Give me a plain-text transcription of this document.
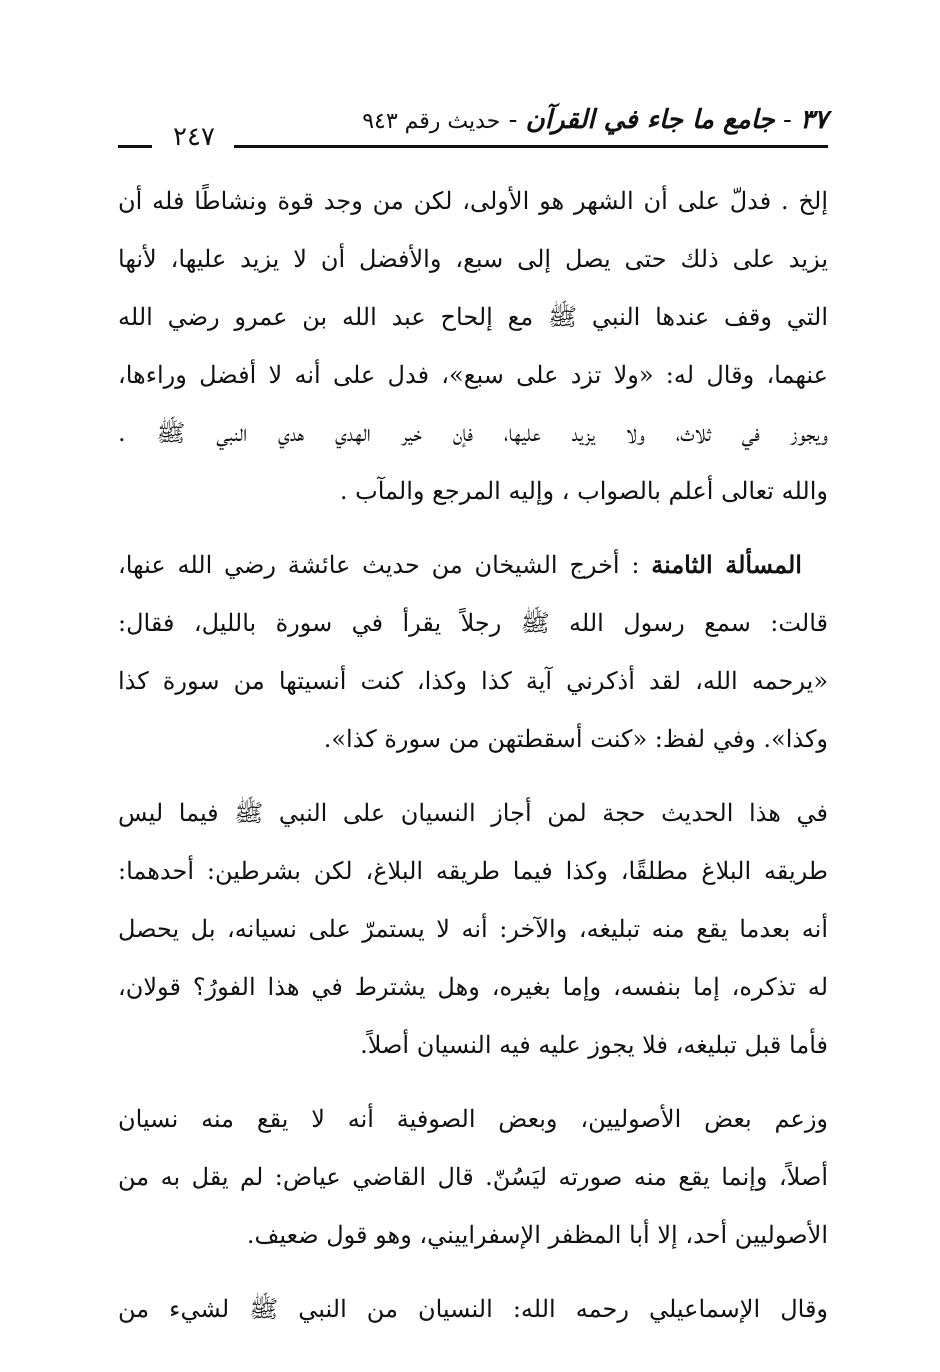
٣٧ - جامع ما جاء في القرآن - حديث رقم ٩٤٣
٢٤٧
إلخ . فدلّ على أن الشهر هو الأولى، لكن من وجد قوة ونشاطًا فله أن
يزيد على ذلك حتى يصل إلى سبع، والأفضل أن لا يزيد عليها، لأنها
التي وقف عندها النبي ﷺ مع إلحاح عبد الله بن عمرو رضي الله
عنهما، وقال له: «ولا تزد على سبع»، فدل على أنه لا أفضل وراءها،
ويجوز في ثلاث، ولا يزيد عليها، فإن خير الهدي هدي النبي ﷺ .
والله تعالى أعلم بالصواب ، وإليه المرجع والمآب .
المسألة الثامنة : أخرج الشيخان من حديث عائشة رضي الله عنها،
قالت: سمع رسول الله ﷺ رجلاً يقرأ في سورة بالليل، فقال:
«يرحمه الله، لقد أذكرني آية كذا وكذا، كنت أنسيتها من سورة كذا
وكذا». وفي لفظ: «كنت أسقطتهن من سورة كذا».
في هذا الحديث حجة لمن أجاز النسيان على النبي ﷺ فيما ليس
طريقه البلاغ مطلقًا، وكذا فيما طريقه البلاغ، لكن بشرطين: أحدهما:
أنه بعدما يقع منه تبليغه، والآخر: أنه لا يستمرّ على نسيانه، بل يحصل
له تذكره، إما بنفسه، وإما بغيره، وهل يشترط في هذا الفورُ؟ قولان،
فأما قبل تبليغه، فلا يجوز عليه فيه النسيان أصلاً.
وزعم بعض الأصوليين، وبعض الصوفية أنه لا يقع منه نسيان
أصلاً، وإنما يقع منه صورته ليَسُنّ. قال القاضي عياض: لم يقل به من
الأصوليين أحد، إلا أبا المظفر الإسفراييني، وهو قول ضعيف.
وقال الإسماعيلي رحمه الله: النسيان من النبي ﷺ لشيء من
